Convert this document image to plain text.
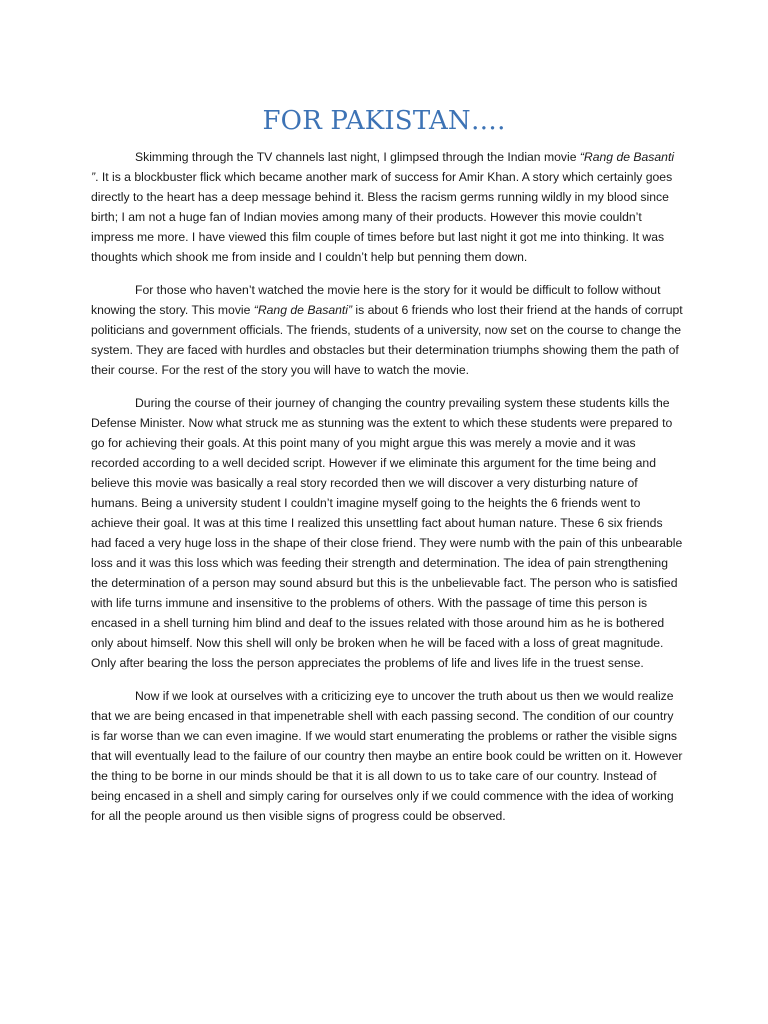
FOR PAKISTAN….

Skimming through the TV channels last night, I glimpsed through the Indian movie “Rang de Basanti ”. It is a blockbuster flick which became another mark of success for Amir Khan. A story which certainly goes directly to the heart has a deep message behind it. Bless the racism germs running wildly in my blood since birth; I am not a huge fan of Indian movies among many of their products. However this movie couldn’t impress me more. I have viewed this film couple of times before but last night it got me into thinking. It was thoughts which shook me from inside and I couldn’t help but penning them down.

For those who haven’t watched the movie here is the story for it would be difficult to follow without knowing the story. This movie “Rang de Basanti” is about 6 friends who lost their friend at the hands of corrupt politicians and government officials. The friends, students of a university, now set on the course to change the system. They are faced with hurdles and obstacles but their determination triumphs showing them the path of their course. For the rest of the story you will have to watch the movie.

During the course of their journey of changing the country prevailing system these students kills the Defense Minister. Now what struck me as stunning was the extent to which these students were prepared to go for achieving their goals. At this point many of you might argue this was merely a movie and it was recorded according to a well decided script. However if we eliminate this argument for the time being and believe this movie was basically a real story recorded then we will discover a very disturbing nature of humans. Being a university student I couldn’t imagine myself going to the heights the 6 friends went to achieve their goal. It was at this time I realized this unsettling fact about human nature. These 6 six friends had faced a very huge loss in the shape of their close friend. They were numb with the pain of this unbearable loss and it was this loss which was feeding their strength and determination. The idea of pain strengthening the determination of a person may sound absurd but this is the unbelievable fact. The person who is satisfied with life turns immune and insensitive to the problems of others. With the passage of time this person is encased in a shell turning him blind and deaf to the issues related with those around him as he is bothered only about himself. Now this shell will only be broken when he will be faced with a loss of great magnitude. Only after bearing the loss the person appreciates the problems of life and lives life in the truest sense.

Now if we look at ourselves with a criticizing eye to uncover the truth about us then we would realize that we are being encased in that impenetrable shell with each passing second. The condition of our country is far worse than we can even imagine. If we would start enumerating the problems or rather the visible signs that will eventually lead to the failure of our country then maybe an entire book could be written on it. However the thing to be borne in our minds should be that it is all down to us to take care of our country. Instead of being encased in a shell and simply caring for ourselves only if we could commence with the idea of working for all the people around us then visible signs of progress could be observed.
